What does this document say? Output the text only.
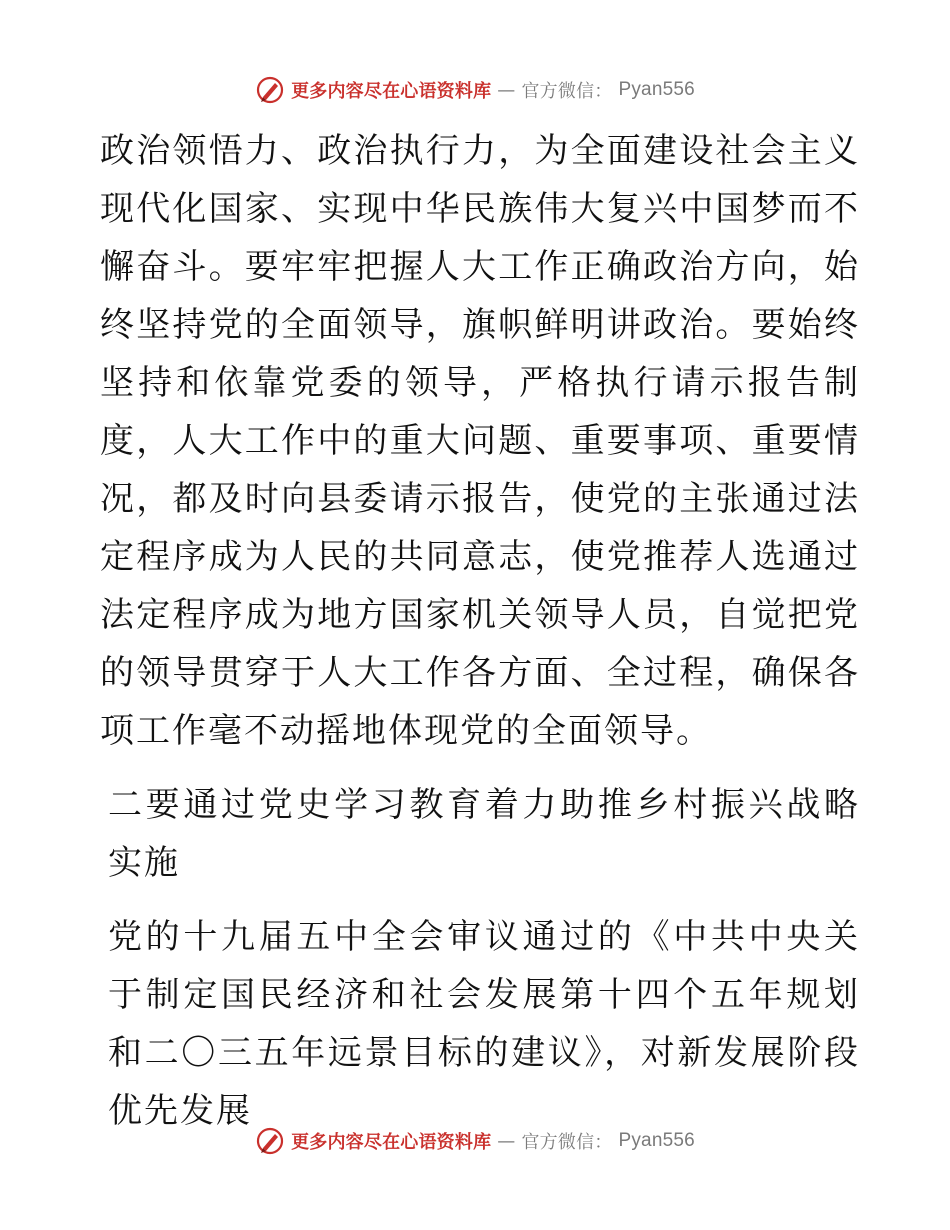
更多内容尽在心语资料库 — 官方微信： Pyan556

政治领悟力、政治执行力，为全面建设社会主义现代化国家、实现中华民族伟大复兴中国梦而不懈奋斗。要牢牢把握人大工作正确政治方向，始终坚持党的全面领导，旗帜鲜明讲政治。要始终坚持和依靠党委的领导，严格执行请示报告制度，人大工作中的重大问题、重要事项、重要情况，都及时向县委请示报告，使党的主张通过法定程序成为人民的共同意志，使党推荐人选通过法定程序成为地方国家机关领导人员，自觉把党的领导贯穿于人大工作各方面、全过程，确保各项工作毫不动摇地体现党的全面领导。

二要通过党史学习教育着力助推乡村振兴战略实施

党的十九届五中全会审议通过的《中共中央关于制定国民经济和社会发展第十四个五年规划和二〇三五年远景目标的建议》，对新发展阶段优先发展

更多内容尽在心语资料库 — 官方微信： Pyan556
